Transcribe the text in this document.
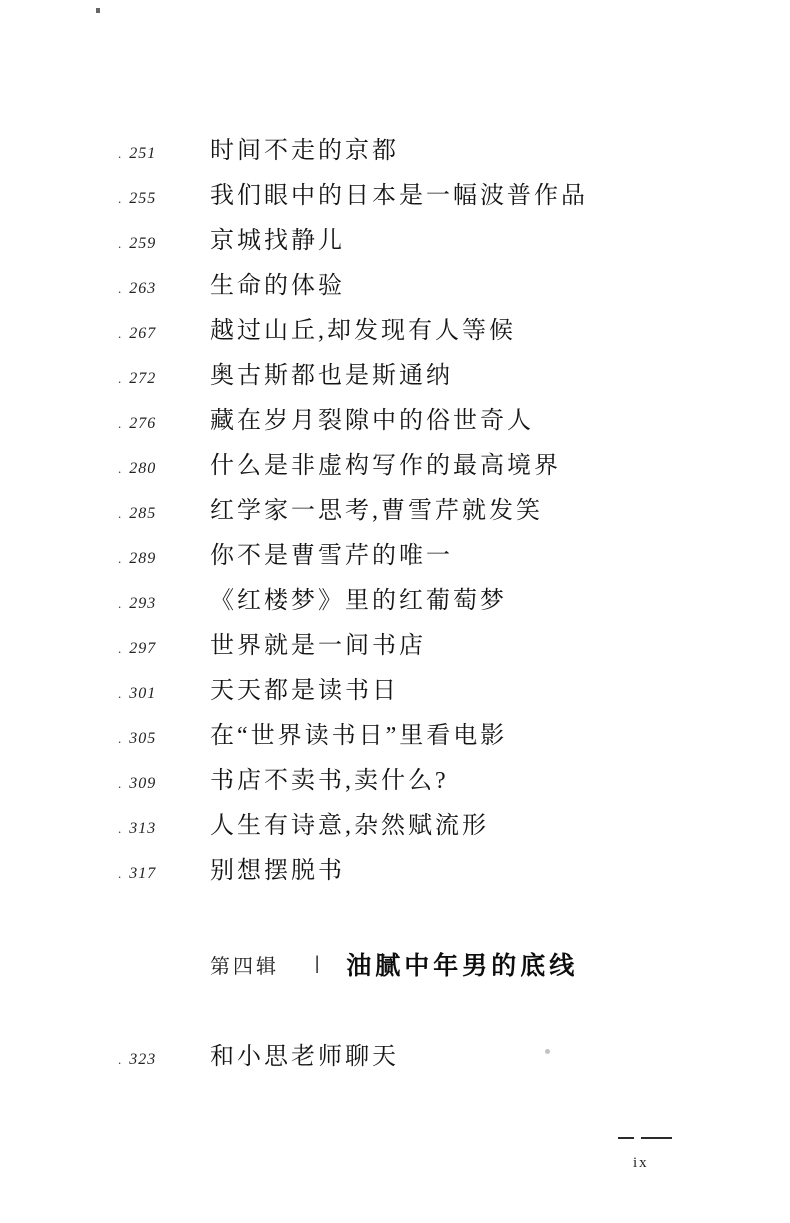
. 251	时间不走的京都
. 255	我们眼中的日本是一幅波普作品
. 259	京城找静儿
. 263	生命的体验
. 267	越过山丘,却发现有人等候
. 272	奥古斯都也是斯通纳
. 276	藏在岁月裂隙中的俗世奇人
. 280	什么是非虚构写作的最高境界
. 285	红学家一思考,曹雪芹就发笑
. 289	你不是曹雪芹的唯一
. 293	《红楼梦》里的红葡萄梦
. 297	世界就是一间书店
. 301	天天都是读书日
. 305	在“世界读书日”里看电影
. 309	书店不卖书,卖什么?
. 313	人生有诗意,杂然赋流形
. 317	别想摆脱书
第四辑 | 油腻中年男的底线
. 323	和小思老师聊天
ix
